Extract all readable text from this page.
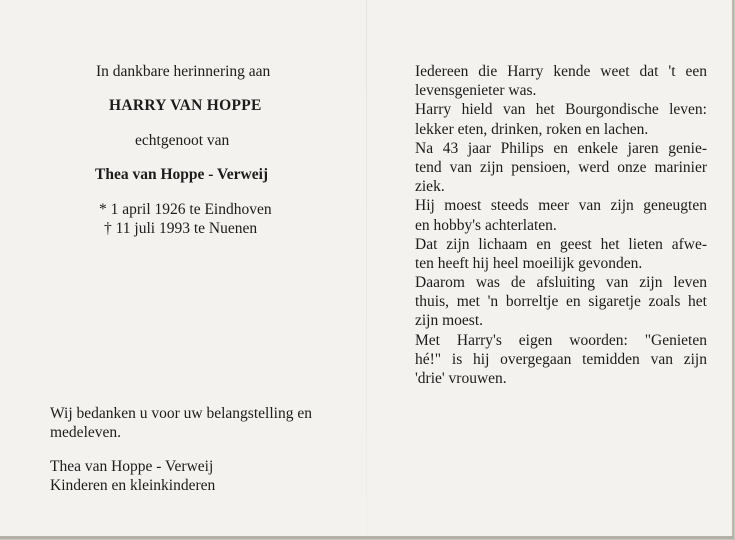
In dankbare herinnering aan
HARRY VAN HOPPE
echtgenoot van
Thea van Hoppe - Verweij
* 1 april 1926 te Eindhoven
† 11 juli 1993 te Nuenen
Wij bedanken u voor uw belangstelling en
medeleven.
Thea van Hoppe - Verweij
Kinderen en kleinkinderen
Iedereen die Harry kende weet dat 't een
levensgenieter was.
Harry hield van het Bourgondische leven:
lekker eten, drinken, roken en lachen.
Na 43 jaar Philips en enkele jaren genie-
tend van zijn pensioen, werd onze marinier
ziek.
Hij moest steeds meer van zijn geneugten
en hobby's achterlaten.
Dat zijn lichaam en geest het lieten afwe-
ten heeft hij heel moeilijk gevonden.
Daarom was de afsluiting van zijn leven
thuis, met 'n borreltje en sigaretje zoals het
zijn moest.
Met Harry's eigen woorden: "Genieten
hé!" is hij overgegaan temidden van zijn
'drie' vrouwen.
